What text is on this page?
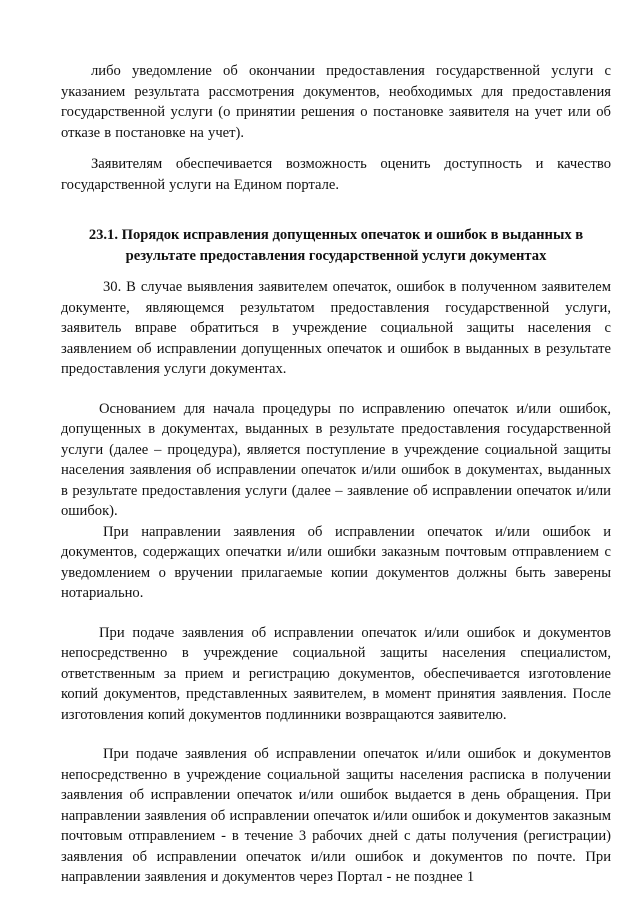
либо уведомление об окончании предоставления государственной услуги с указанием результата рассмотрения документов, необходимых для предоставления государственной услуги (о принятии решения о постановке заявителя на учет или об отказе в постановке на учет).

Заявителям обеспечивается возможность оценить доступность и качество государственной услуги на Едином портале.

23.1. Порядок исправления допущенных опечаток и ошибок в выданных в

результате предоставления государственной услуги документах

30. В случае выявления заявителем опечаток, ошибок в полученном заявителем документе, являющемся результатом предоставления государственной услуги, заявитель вправе обратиться в учреждение социальной защиты населения с заявлением об исправлении допущенных опечаток и ошибок в выданных в результате предоставления услуги документах.

Основанием для начала процедуры по исправлению опечаток и/или ошибок, допущенных в документах, выданных в результате предоставления государственной услуги (далее – процедура), является поступление в учреждение социальной защиты населения заявления об исправлении опечаток и/или ошибок в документах, выданных в результате предоставления услуги (далее – заявление об исправлении опечаток и/или ошибок).

При направлении заявления об исправлении опечаток и/или ошибок и документов, содержащих опечатки и/или ошибки заказным почтовым отправлением с уведомлением о вручении прилагаемые копии документов должны быть заверены нотариально.

При подаче заявления об исправлении опечаток и/или ошибок и документов непосредственно в учреждение социальной защиты населения специалистом, ответственным за прием и регистрацию документов, обеспечивается изготовление копий документов, представленных заявителем, в момент принятия заявления. После изготовления копий документов подлинники возвращаются заявителю.

При подаче заявления об исправлении опечаток и/или ошибок и документов непосредственно в учреждение социальной защиты населения расписка в получении заявления об исправлении опечаток и/или ошибок выдается в день обращения. При направлении заявления об исправлении опечаток и/или ошибок и документов заказным почтовым отправлением - в течение 3 рабочих дней с даты получения (регистрации) заявления об исправлении опечаток и/или ошибок и документов по почте. При направлении заявления и документов через Портал - не позднее 1
